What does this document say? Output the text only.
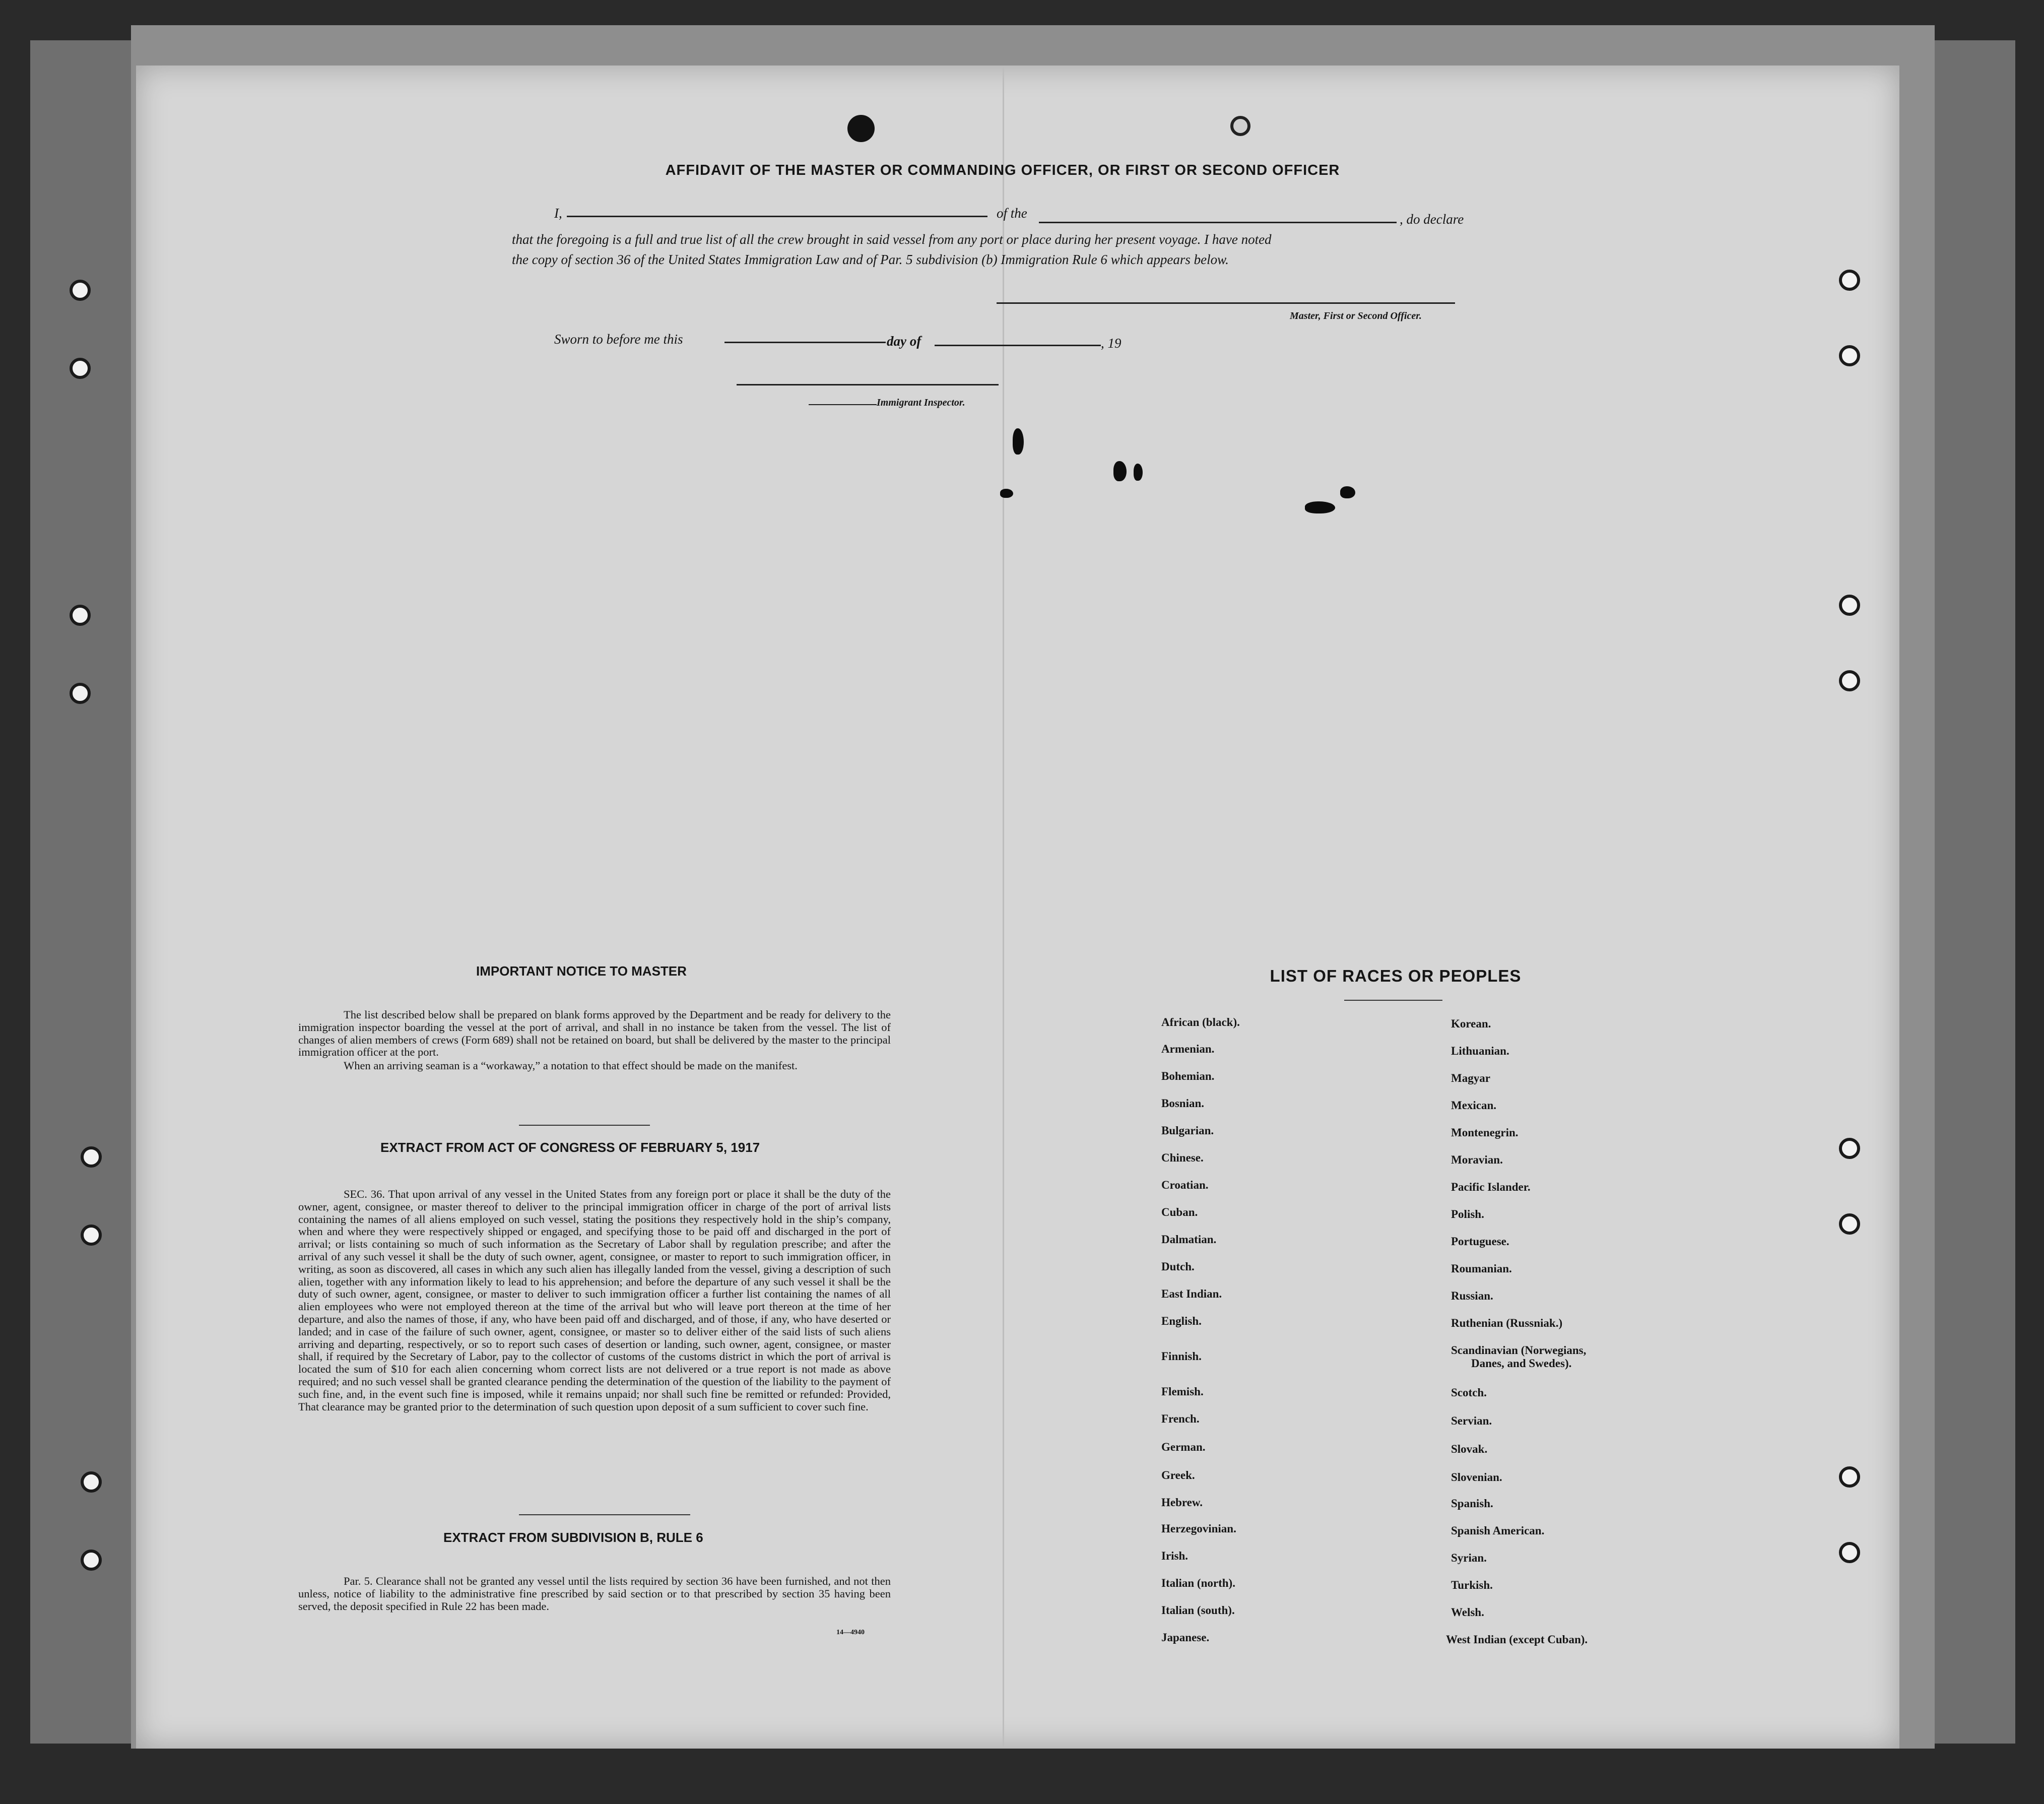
AFFIDAVIT OF THE MASTER OR COMMANDING OFFICER, OR FIRST OR SECOND OFFICER
I,	of the	, do declare
that the foregoing is a full and true list of all the crew brought in said vessel from any port or place during her present voyage. I have noted
the copy of section 36 of the United States Immigration Law and of Par. 5 subdivision (b) Immigration Rule 6 which appears below.
Master, First or Second Officer.
Sworn to before me this	day of	, 19
Immigrant Inspector.
IMPORTANT NOTICE TO MASTER

The list described below shall be prepared on blank forms approved by the Department and be ready for delivery to the immigration inspector boarding the vessel at the port of arrival, and shall in no instance be taken from the vessel. The list of changes of alien members of crews (Form 689) shall not be retained on board, but shall be delivered by the master to the principal immigration officer at the port.

When an arriving seaman is a “workaway,” a notation to that effect should be made on the manifest.

EXTRACT FROM ACT OF CONGRESS OF FEBRUARY 5, 1917

SEC. 36. That upon arrival of any vessel in the United States from any foreign port or place it shall be the duty of the owner, agent, consignee, or master thereof to deliver to the principal immigration officer in charge of the port of arrival lists containing the names of all aliens employed on such vessel, stating the positions they respectively hold in the ship’s company, when and where they were respectively shipped or engaged, and specifying those to be paid off and discharged in the port of arrival; or lists containing so much of such information as the Secretary of Labor shall by regulation prescribe; and after the arrival of any such vessel it shall be the duty of such owner, agent, consignee, or master to report to such immigration officer, in writing, as soon as discovered, all cases in which any such alien has illegally landed from the vessel, giving a description of such alien, together with any information likely to lead to his apprehension; and before the departure of any such vessel it shall be the duty of such owner, agent, consignee, or master to deliver to such immigration officer a further list containing the names of all alien employees who were not employed thereon at the time of the arrival but who will leave port thereon at the time of her departure, and also the names of those, if any, who have been paid off and discharged, and of those, if any, who have deserted or landed; and in case of the failure of such owner, agent, consignee, or master so to deliver either of the said lists of such aliens arriving and departing, respectively, or so to report such cases of desertion or landing, such owner, agent, consignee, or master shall, if required by the Secretary of Labor, pay to the collector of customs of the customs district in which the port of arrival is located the sum of $10 for each alien concerning whom correct lists are not delivered or a true report is not made as above required; and no such vessel shall be granted clearance pending the determination of the question of the liability to the payment of such fine, and, in the event such fine is imposed, while it remains unpaid; nor shall such fine be remitted or refunded: Provided, That clearance may be granted prior to the determination of such question upon deposit of a sum sufficient to cover such fine.

EXTRACT FROM SUBDIVISION B, RULE 6

Par. 5. Clearance shall not be granted any vessel until the lists required by section 36 have been furnished, and not then unless, notice of liability to the administrative fine prescribed by said section or to that prescribed by section 35 having been served, the deposit specified in Rule 22 has been made.

14—4940
LIST OF RACES OR PEOPLES
African (black).
Armenian.
Bohemian.
Bosnian.
Bulgarian.
Chinese.
Croatian.
Cuban.
Dalmatian.
Dutch.
East Indian.
English.
Finnish.
Flemish.
French.
German.
Greek.
Hebrew.
Herzegovinian.
Irish.
Italian (north).
Italian (south).
Japanese.
Korean.
Lithuanian.
Magyar
Mexican.
Montenegrin.
Moravian.
Pacific Islander.
Polish.
Portuguese.
Roumanian.
Russian.
Ruthenian (Russniak.)
Scandinavian (Norwegians,
Danes, and Swedes).
Scotch.
Servian.
Slovak.
Slovenian.
Spanish.
Spanish American.
Syrian.
Turkish.
Welsh.
West Indian (except Cuban).
